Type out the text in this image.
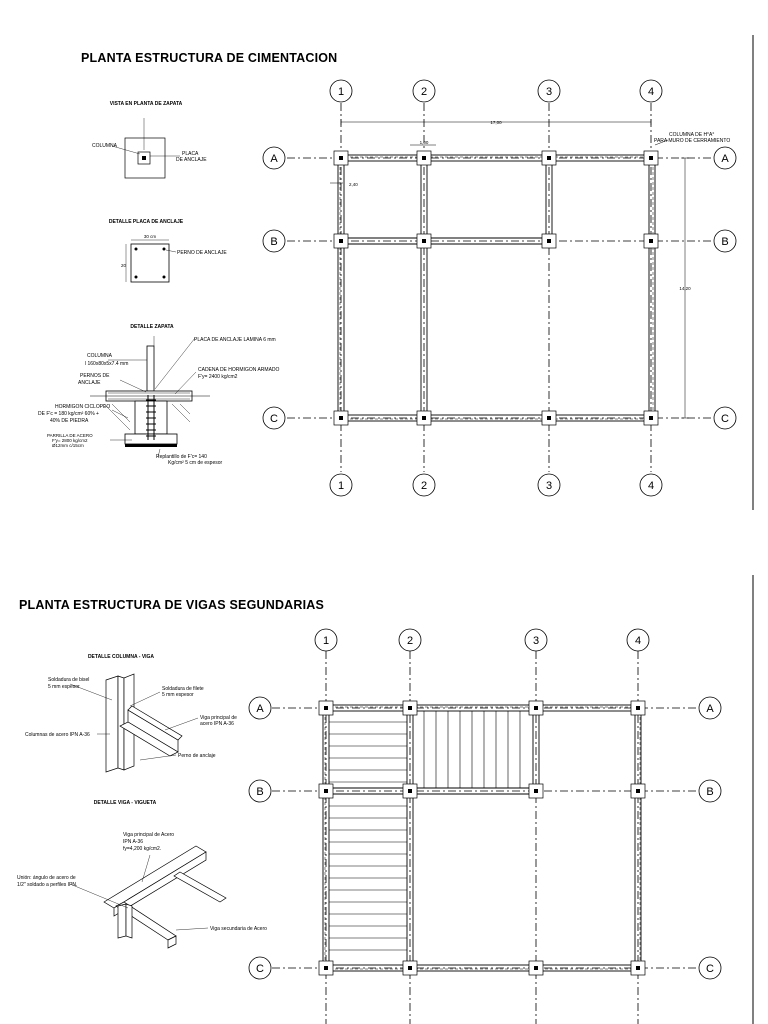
PLANTA ESTRUCTURA DE CIMENTACION
PLANTA ESTRUCTURA DE VIGAS SEGUNDARIAS
1	2	3	4
1	2	3	4
A
B
C
A
B
C
17,00
1,00
2,40
14,20
COLUMNA DE H°A°
PARA MURO DE CERRAMIENTO
VISTA EN PLANTA DE ZAPATA
COLUMNA
PLACA
DE ANCLAJE
DETALLE PLACA DE ANCLAJE
30 cm
20
PERNO DE ANCLAJE
DETALLE ZAPATA
PLACA DE ANCLAJE LAMINA 6 mm
COLUMNA
l 160x80x5x7.4 mm
PERNOS DE
ANCLAJE
CADENA DE HORMIGON ARMADO
F'y= 2400 kg/cm2
HORMIGON CICLOPEO
DE F'c = 180 kg/cm² 60% +
40% DE PIEDRA
PARRILLA DE ACERO
F'y= 2800 kg/cm2
Ø12mm c/15cm
Replantillo de F'c= 140
Kg/cm² 5 cm de espesor
1	2	3	4
A
B
C
A
B
C
DETALLE COLUMNA - VIGA
Soldadura de bisel
5 mm espesor	Soldadura de filete
5 mm espesor
Columnas de acero IPN A-36
Viga principal de
acero IPN A-36
Perno de anclaje
DETALLE VIGA - VIGUETA
Viga principal de Acero
IPN A-36
fy=4,200 kg/cm2.
Unión: ángulo de acero de
1/2" soldado a perfiles IPN.
Viga secundaria de Acero
